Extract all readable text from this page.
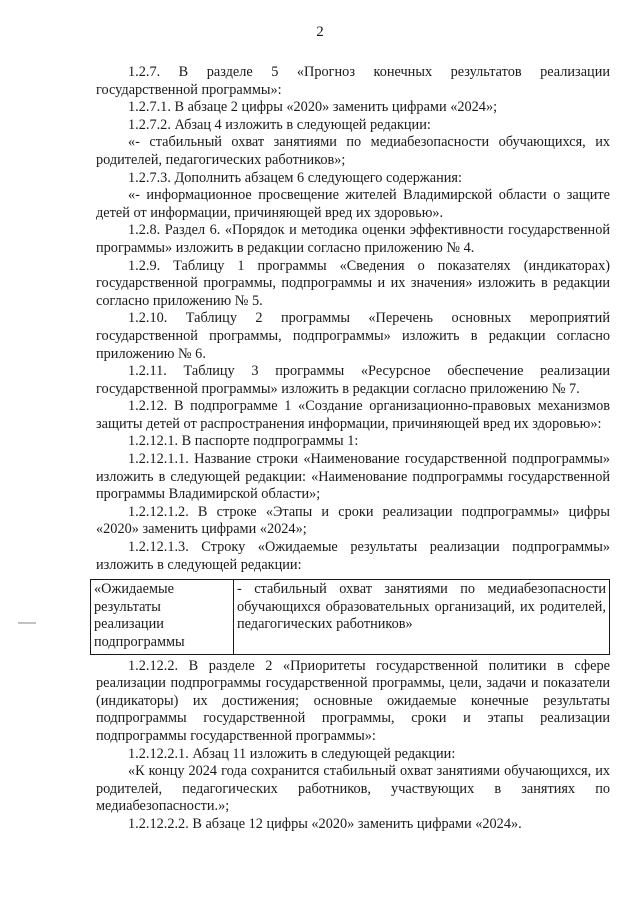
2

1.2.7. В разделе 5 «Прогноз конечных результатов реализации государственной программы»:

1.2.7.1. В абзаце 2 цифры «2020» заменить цифрами «2024»;

1.2.7.2. Абзац 4 изложить в следующей редакции:

«- стабильный охват занятиями по медиабезопасности обучающихся, их родителей, педагогических работников»;

1.2.7.3. Дополнить абзацем 6 следующего содержания:

«- информационное просвещение жителей Владимирской области о защите детей от информации, причиняющей вред их здоровью».

1.2.8. Раздел 6. «Порядок и методика оценки эффективности государственной программы» изложить в редакции согласно приложению № 4.

1.2.9. Таблицу 1 программы «Сведения о показателях (индикаторах) государственной программы, подпрограммы и их значения» изложить в редакции согласно приложению № 5.

1.2.10. Таблицу 2 программы «Перечень основных мероприятий государственной программы, подпрограммы» изложить в редакции согласно приложению № 6.

1.2.11. Таблицу 3 программы «Ресурсное обеспечение реализации государственной программы» изложить в редакции согласно приложению № 7.

1.2.12. В подпрограмме 1 «Создание организационно-правовых механизмов защиты детей от распространения информации, причиняющей вред их здоровью»:

1.2.12.1. В паспорте подпрограммы 1:

1.2.12.1.1. Название строки «Наименование государственной подпрограммы» изложить в следующей редакции: «Наименование подпрограммы государственной программы Владимирской области»;

1.2.12.1.2. В строке «Этапы и сроки реализации подпрограммы» цифры «2020» заменить цифрами «2024»;

1.2.12.1.3. Строку «Ожидаемые результаты реализации подпрограммы» изложить в следующей редакции:

«Ожидаемые результаты реализации подпрограммы	- стабильный охват занятиями по медиабезопасности обучающихся образовательных организаций, их родителей, педагогических работников»

1.2.12.2. В разделе 2 «Приоритеты государственной политики в сфере реализации подпрограммы государственной программы, цели, задачи и показатели (индикаторы) их достижения; основные ожидаемые конечные результаты подпрограммы государственной программы, сроки и этапы реализации подпрограммы государственной программы»:

1.2.12.2.1. Абзац 11 изложить в следующей редакции:

«К концу 2024 года сохранится стабильный охват занятиями обучающихся, их родителей, педагогических работников, участвующих в занятиях по медиабезопасности.»;

1.2.12.2.2. В абзаце 12 цифры «2020» заменить цифрами «2024».
